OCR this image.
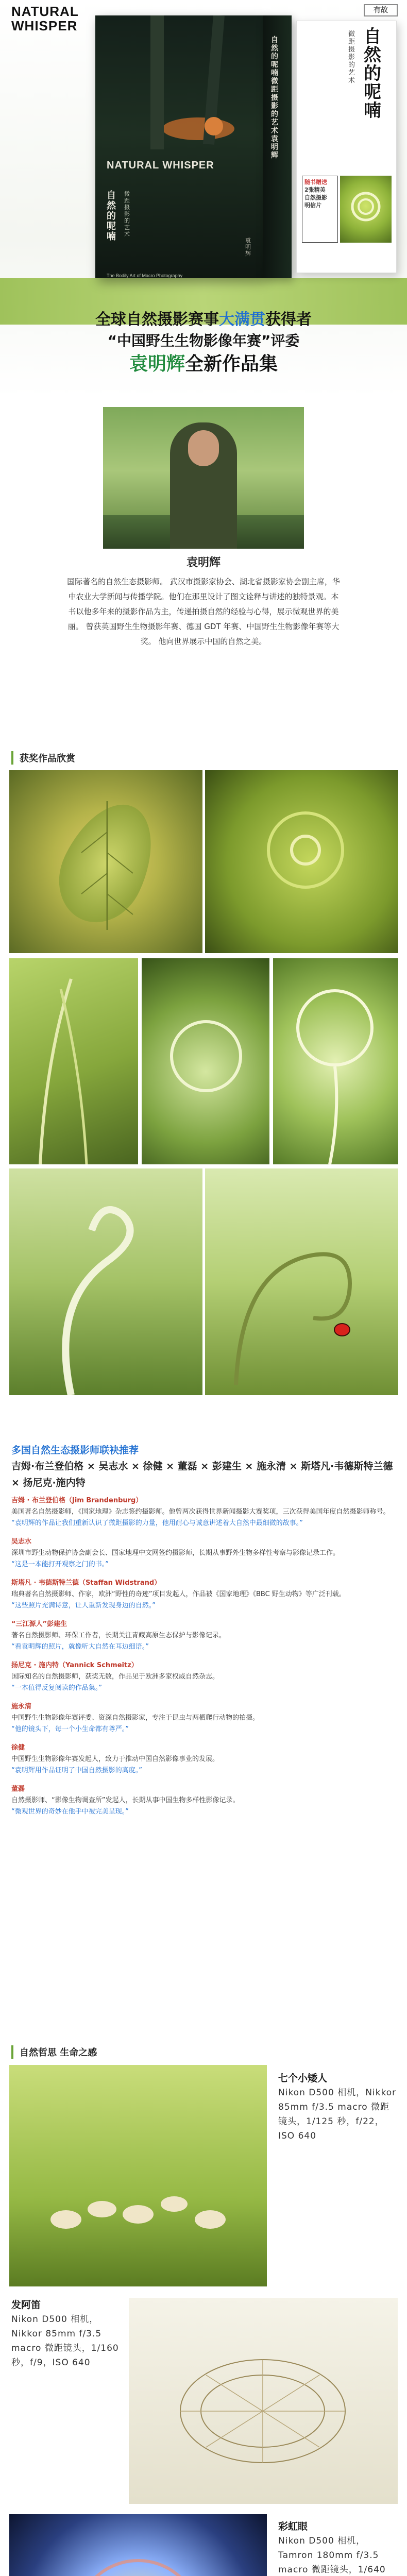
NATURAL WHISPER
有故
NATURAL WHISPER
自然的呢喃
微距摄影的艺术
袁明辉
The Bodily Art of Macro Photography
自然的呢喃 微距摄影的艺术 袁明辉
自然的呢喃
微距摄影的艺术
随书赠送
2张精美
自然摄影
明信片
全球自然摄影赛事大满贯获得者
“中国野生生物影像年赛”评委
袁明辉全新作品集
袁明辉
国际著名的自然生态摄影师。 武汉市摄影家协会、湖北省摄影家协会副主席，华中农业大学新闻与传播学院。他们在那里设计了图文诠释与讲述的独特景观。本书以他多年来的摄影作品为主，传递拍摄自然的经验与心得，展示微观世界的美丽。 曾获英国野生生物摄影年赛、德国 GDT 年赛、中国野生生物影像年赛等大奖。 他向世界展示中国的自然之美。
获奖作品欣赏
多国自然生态摄影师联袂推荐
吉姆·布兰登伯格 × 吴志水 × 徐健 × 董磊 × 彭建生 × 施永清 × 斯塔凡·韦德斯特兰德 × 扬尼克·施内特
吉姆 · 布兰登伯格（Jim Brandenburg）
美国著名自然摄影师，《国家地理》杂志签约摄影师。他曾两次获得世界新闻摄影大赛奖项，三次获得美国年度自然摄影师称号。
“袁明辉的作品让我们重新认识了微距摄影的力量，他用耐心与诚意讲述着大自然中最细微的故事。”
吴志水
深圳市野生动物保护协会副会长、国家地理中文网签约摄影师，长期从事野外生物多样性考察与影像记录工作。
“这是一本能打开观察之门的书。”
斯塔凡 · 韦德斯特兰德（Staffan Widstrand）
瑞典著名自然摄影师、作家，欧洲“野性的奇迹”项目发起人，作品被《国家地理》《BBC 野生动物》等广泛刊载。
“这些照片充满诗意，让人重新发现身边的自然。”
“三江源人”彭建生
著名自然摄影师、环保工作者，长期关注青藏高原生态保护与影像记录。
“看袁明辉的照片，就像听大自然在耳边细语。”
扬尼克 · 施内特（Yannick Schmeitz）
国际知名的自然摄影师，获奖无数，作品见于欧洲多家权威自然杂志。
“一本值得反复阅读的作品集。”
施永清
中国野生生物影像年赛评委、资深自然摄影家，专注于昆虫与两栖爬行动物的拍摄。
“他的镜头下，每一个小生命都有尊严。”
徐健
中国野生生物影像年赛发起人，致力于推动中国自然影像事业的发展。
“袁明辉用作品证明了中国自然摄影的高度。”
董磊
自然摄影师、“影像生物调查所”发起人，长期从事中国生物多样性影像记录。
“微观世界的奇妙在他手中被完美呈现。”
自然哲思 生命之感
七个小矮人
Nikon D500 相机，Nikkor 85mm f/3.5 macro 微距镜头，1/125 秒，f/22，ISO 640
发阿笛
Nikon D500 相机，Nikkor 85mm f/3.5 macro 微距镜头，1/160 秒，f/9，ISO 640
彩虹眼
Nikon D500 相机，Tamron 180mm f/3.5 macro 微距镜头，1/640
